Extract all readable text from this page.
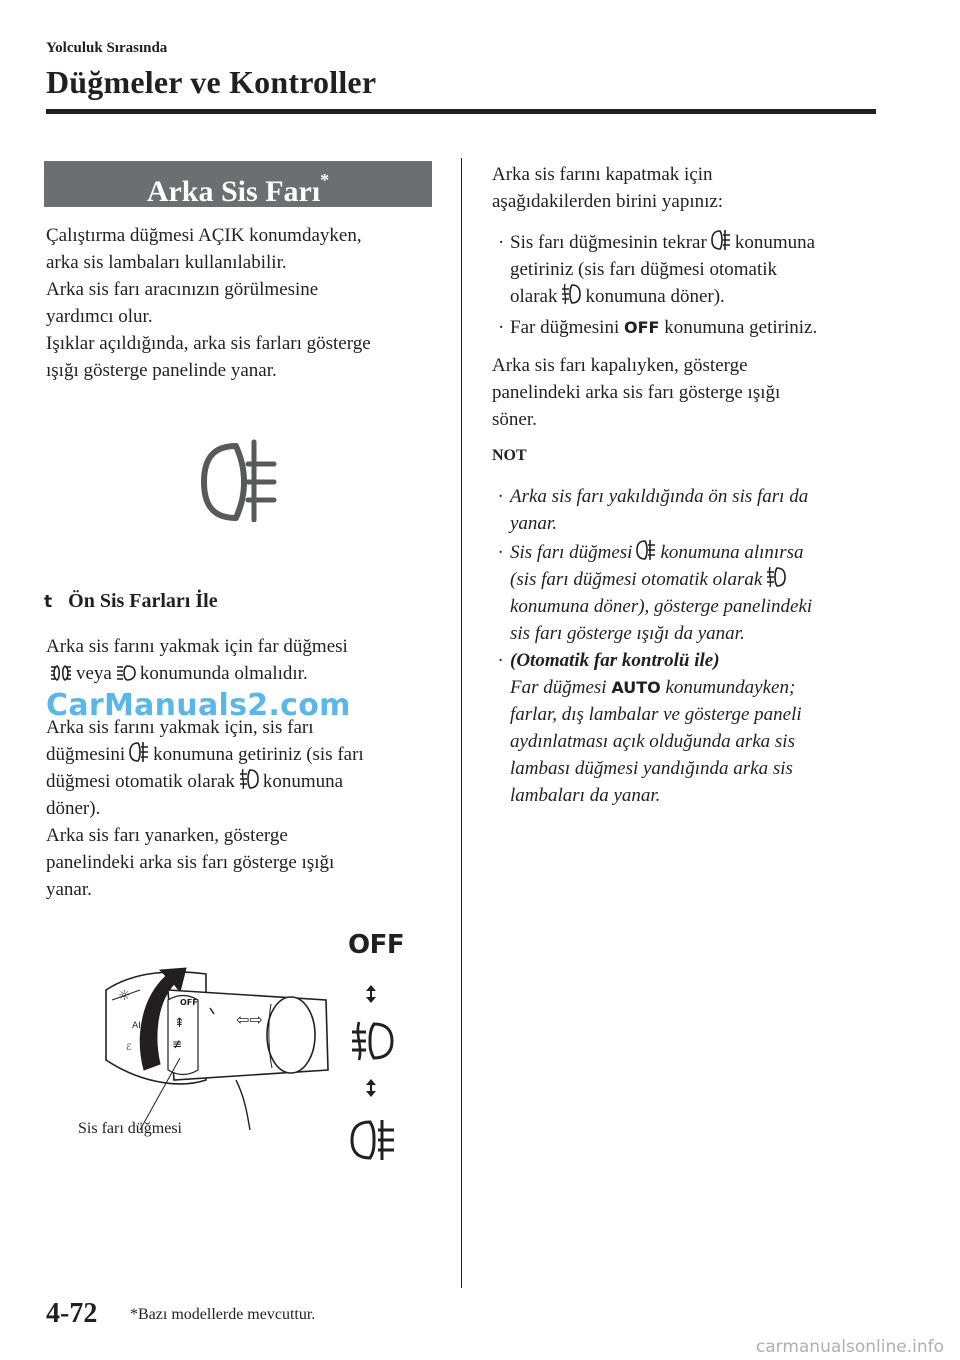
Yolculuk Sırasında
Düğmeler ve Kontroller
Arka Sis Farı*
Çalıştırma düğmesi AÇIK konumdayken,
arka sis lambaları kullanılabilir.
Arka sis farı aracınızın görülmesine
yardımcı olur.
Işıklar açıldığında, arka sis farları gösterge
ışığı gösterge panelinde yanar.
t Ön Sis Farları İle
Arka sis farını yakmak için far düğmesi
veya konumunda olmalıdır.
Arka sis farını yakmak için, sis farı
düğmesini konumuna getiriniz (sis farı
düğmesi otomatik olarak konumuna
döner).
Arka sis farı yanarken, gösterge
panelindeki arka sis farı gösterge ışığı
yanar.
CarManuals2.com
☼
AI
ℰ
OFF
⇞
≢
⇦⇨
Sis farı düğmesi
OFF
Arka sis farını kapatmak için
aşağıdakilerden birini yapınız:
· Sis farı düğmesinin tekrar konumuna
getiriniz (sis farı düğmesi otomatik
olarak konumuna döner).
· Far düğmesini OFF konumuna getiriniz.
Arka sis farı kapalıyken, gösterge
panelindeki arka sis farı gösterge ışığı
söner.
NOT
· Arka sis farı yakıldığında ön sis farı da
yanar.
· Sis farı düğmesi konumuna alınırsa
(sis farı düğmesi otomatik olarak
konumuna döner), gösterge panelindeki
sis farı gösterge ışığı da yanar.
· (Otomatik far kontrolü ile)
Far düğmesi AUTO konumundayken;
farlar, dış lambalar ve gösterge paneli
aydınlatması açık olduğunda arka sis
lambası düğmesi yandığında arka sis
lambaları da yanar.
4-72 *Bazı modellerde mevcuttur.
carmanualsonline.info
